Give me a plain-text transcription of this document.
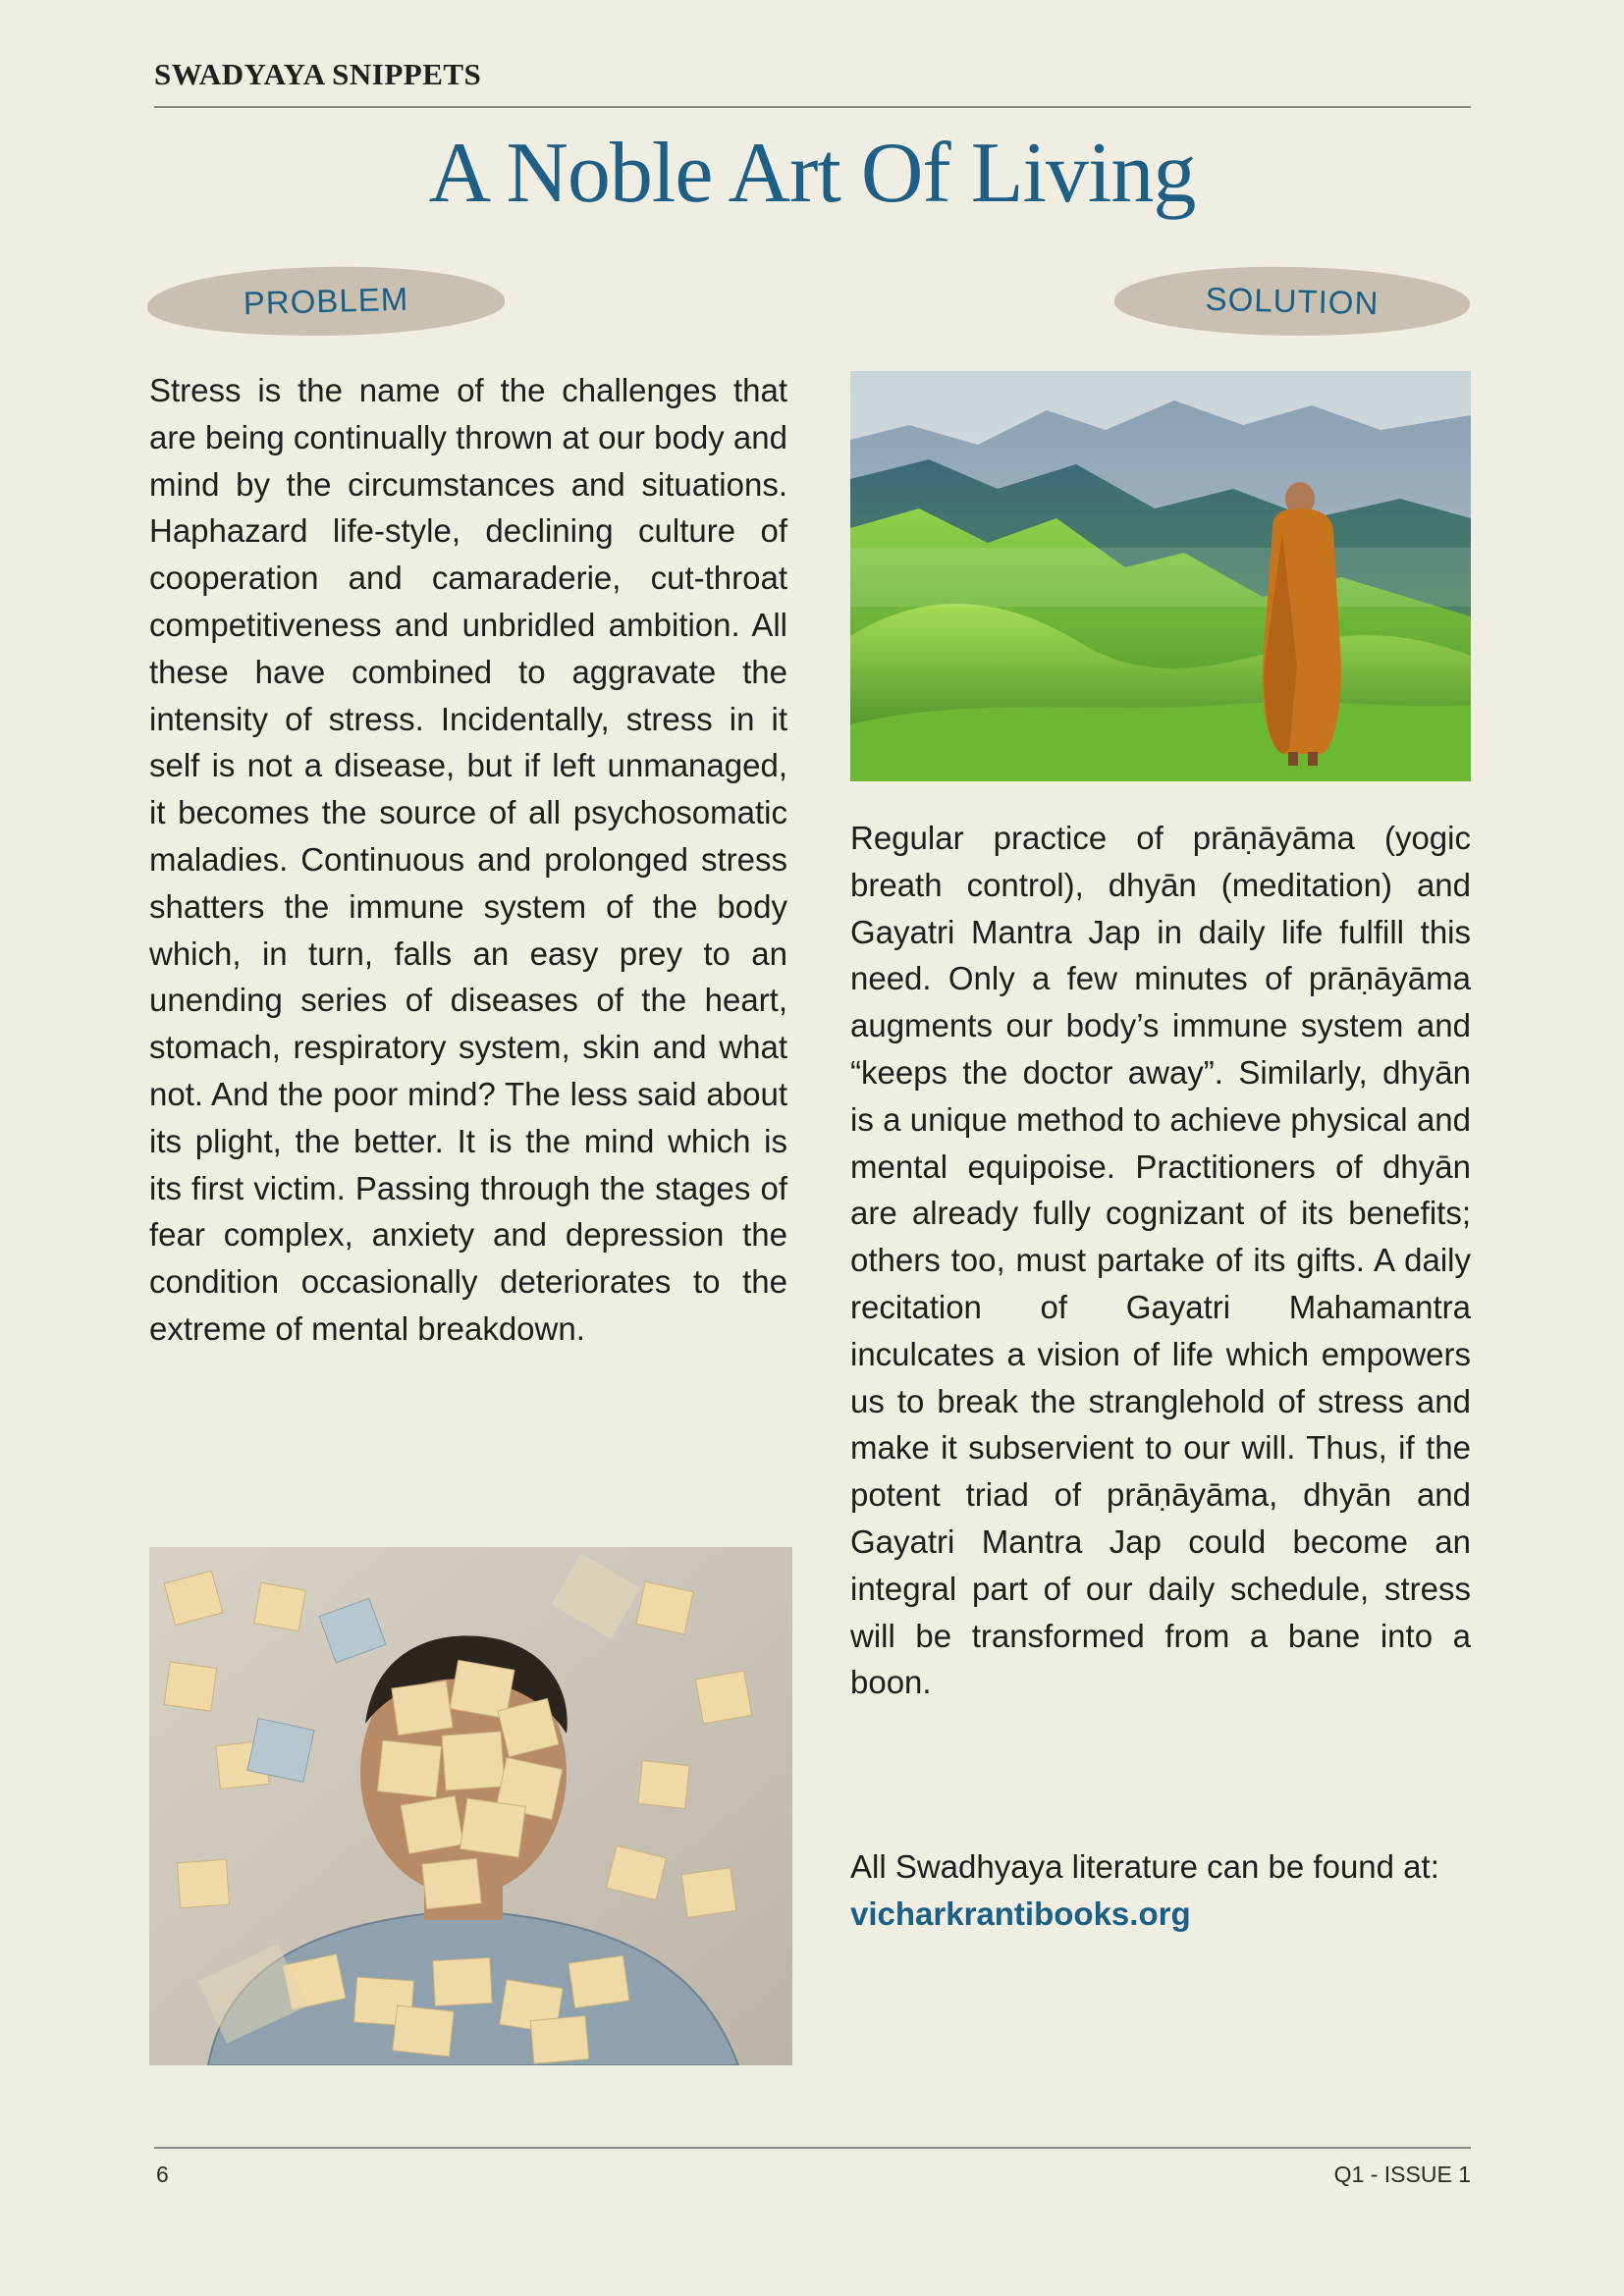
SWADYAYA SNIPPETS
A Noble Art Of Living
PROBLEM	SOLUTION
Stress is the name of the challenges that are being continually thrown at our body and mind by the circumstances and situations. Haphazard life-style, declining culture of cooperation and camaraderie, cut-throat competitiveness and unbridled ambition. All these have combined to aggravate the intensity of stress. Incidentally, stress in it self is not a disease, but if left unmanaged, it becomes the source of all psychosomatic maladies. Continuous and prolonged stress shatters the immune system of the body which, in turn, falls an easy prey to an unending series of diseases of the heart, stomach, respiratory system, skin and what not. And the poor mind? The less said about its plight, the better. It is the mind which is its first victim. Passing through the stages of fear complex, anxiety and depression the condition occasionally deteriorates to the extreme of mental breakdown.
Regular practice of prāṇāyāma (yogic breath control), dhyān (meditation) and Gayatri Mantra Jap in daily life fulfill this need. Only a few minutes of prāṇāyāma augments our body’s immune system and “keeps the doctor away”. Similarly, dhyān is a unique method to achieve physical and mental equipoise. Practitioners of dhyān are already fully cognizant of its benefits; others too, must partake of its gifts. A daily recitation of Gayatri Mahamantra inculcates a vision of life which empowers us to break the stranglehold of stress and make it subservient to our will. Thus, if the potent triad of prāṇāyāma, dhyān and Gayatri Mantra Jap could become an integral part of our daily schedule, stress will be transformed from a bane into a boon.
All Swadhyaya literature can be found at: vicharkrantibooks.org
6	Q1 - ISSUE 1
